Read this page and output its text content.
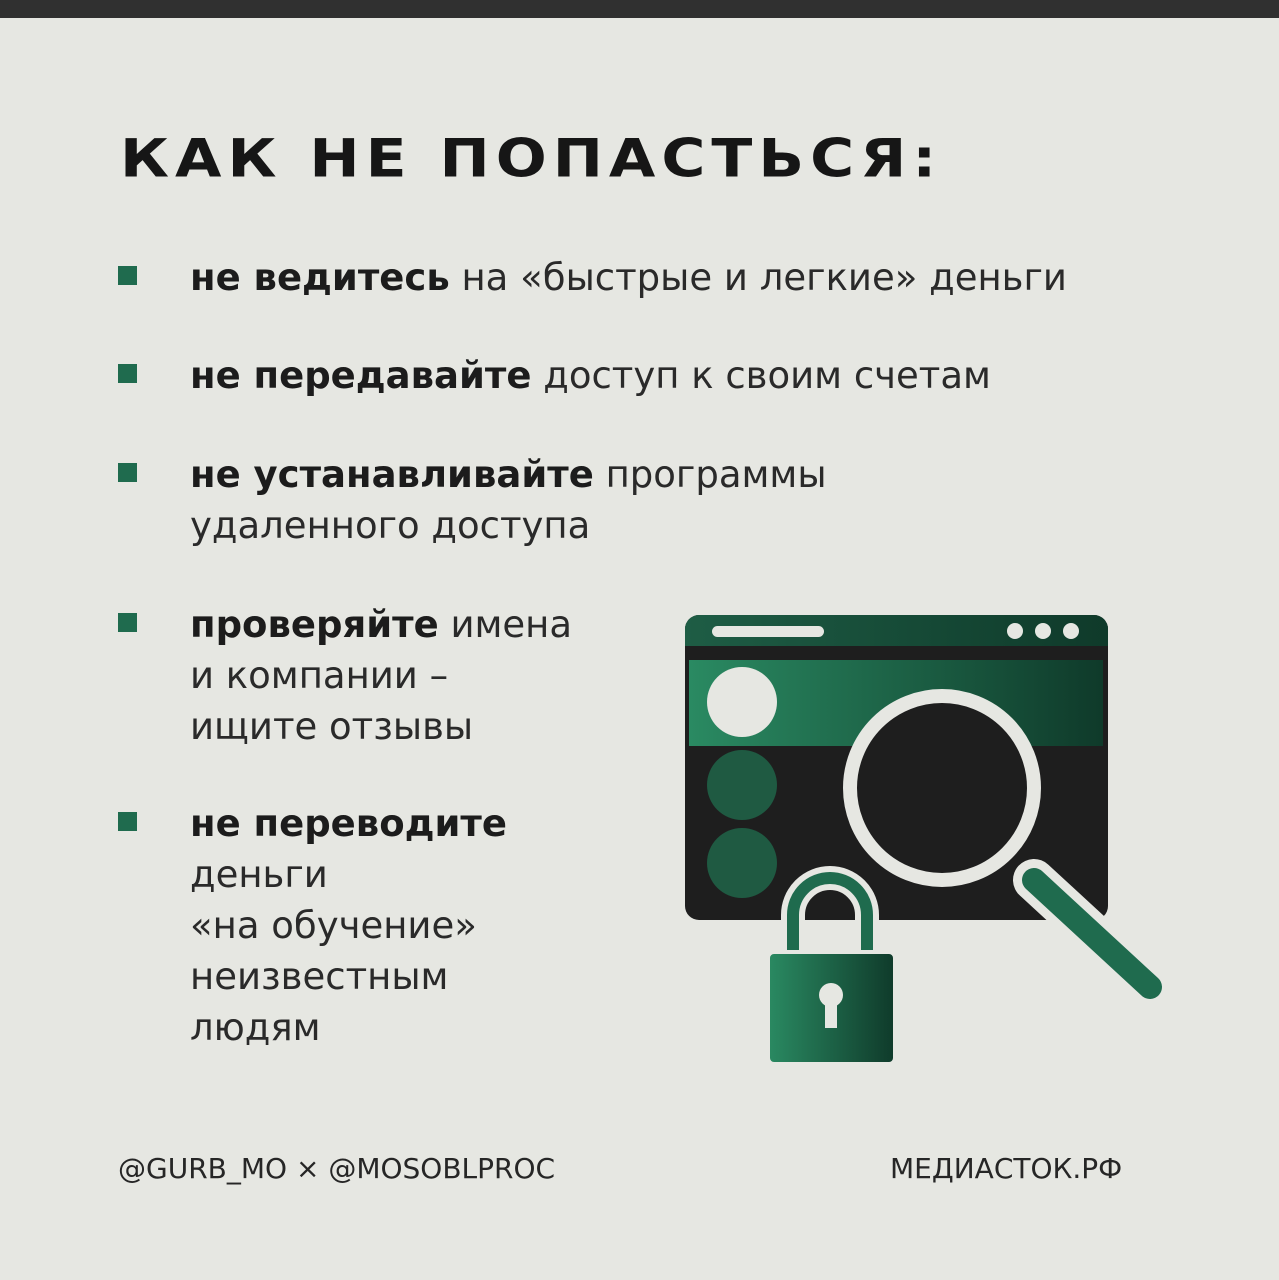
КАК НЕ ПОПАСТЬСЯ:
не ведитесь на «быстрые и легкие» деньги
не передавайте доступ к своим счетам
не устанавливайте программы
удаленного доступа
проверяйте имена
и компании –
ищите отзывы
не переводите
деньги
«на обучение»
неизвестным
людям
@GURB_MO × @MOSOBLPROC	МЕДИАСТОК.РФ
